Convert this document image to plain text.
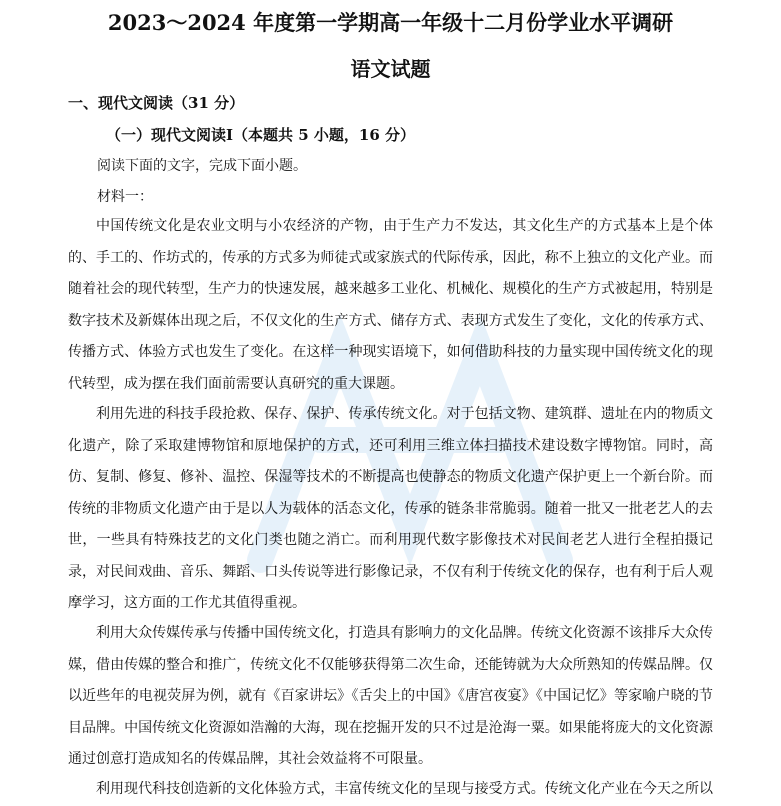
2023～2024 年度第一学期高一年级十二月份学业水平调研
语文试题
一、现代文阅读（31 分）
（一）现代文阅读Ⅰ（本题共 5 小题，16 分）

阅读下面的文字，完成下面小题。

材料一：

中国传统文化是农业文明与小农经济的产物，由于生产力不发达，其文化生产的方式基本上是个体
的、手工的、作坊式的，传承的方式多为师徒式或家族式的代际传承，因此，称不上独立的文化产业。而
随着社会的现代转型，生产力的快速发展，越来越多工业化、机械化、规模化的生产方式被起用，特别是
数字技术及新媒体出现之后，不仅文化的生产方式、储存方式、表现方式发生了变化，文化的传承方式、
传播方式、体验方式也发生了变化。在这样一种现实语境下，如何借助科技的力量实现中国传统文化的现
代转型，成为摆在我们面前需要认真研究的重大课题。
利用先进的科技手段抢救、保存、保护、传承传统文化。对于包括文物、建筑群、遗址在内的物质文
化遗产，除了采取建博物馆和原地保护的方式，还可利用三维立体扫描技术建设数字博物馆。同时，高
仿、复制、修复、修补、温控、保湿等技术的不断提高也使静态的物质文化遗产保护更上一个新台阶。而
传统的非物质文化遗产由于是以人为载体的活态文化，传承的链条非常脆弱。随着一批又一批老艺人的去
世，一些具有特殊技艺的文化门类也随之消亡。而利用现代数字影像技术对民间老艺人进行全程拍摄记
录，对民间戏曲、音乐、舞蹈、口头传说等进行影像记录，不仅有利于传统文化的保存，也有利于后人观
摩学习，这方面的工作尤其值得重视。
利用大众传媒传承与传播中国传统文化，打造具有影响力的文化品牌。传统文化资源不该排斥大众传
媒，借由传媒的整合和推广，传统文化不仅能够获得第二次生命，还能铸就为大众所熟知的传媒品牌。仅
以近些年的电视荧屏为例，就有《百家讲坛》《舌尖上的中国》《唐宫夜宴》《中国记忆》等家喻户晓的节
目品牌。中国传统文化资源如浩瀚的大海，现在挖掘开发的只不过是沧海一粟。如果能将庞大的文化资源
通过创意打造成知名的传媒品牌，其社会效益将不可限量。
利用现代科技创造新的文化体验方式，丰富传统文化的呈现与接受方式。传统文化产业在今天之所以
